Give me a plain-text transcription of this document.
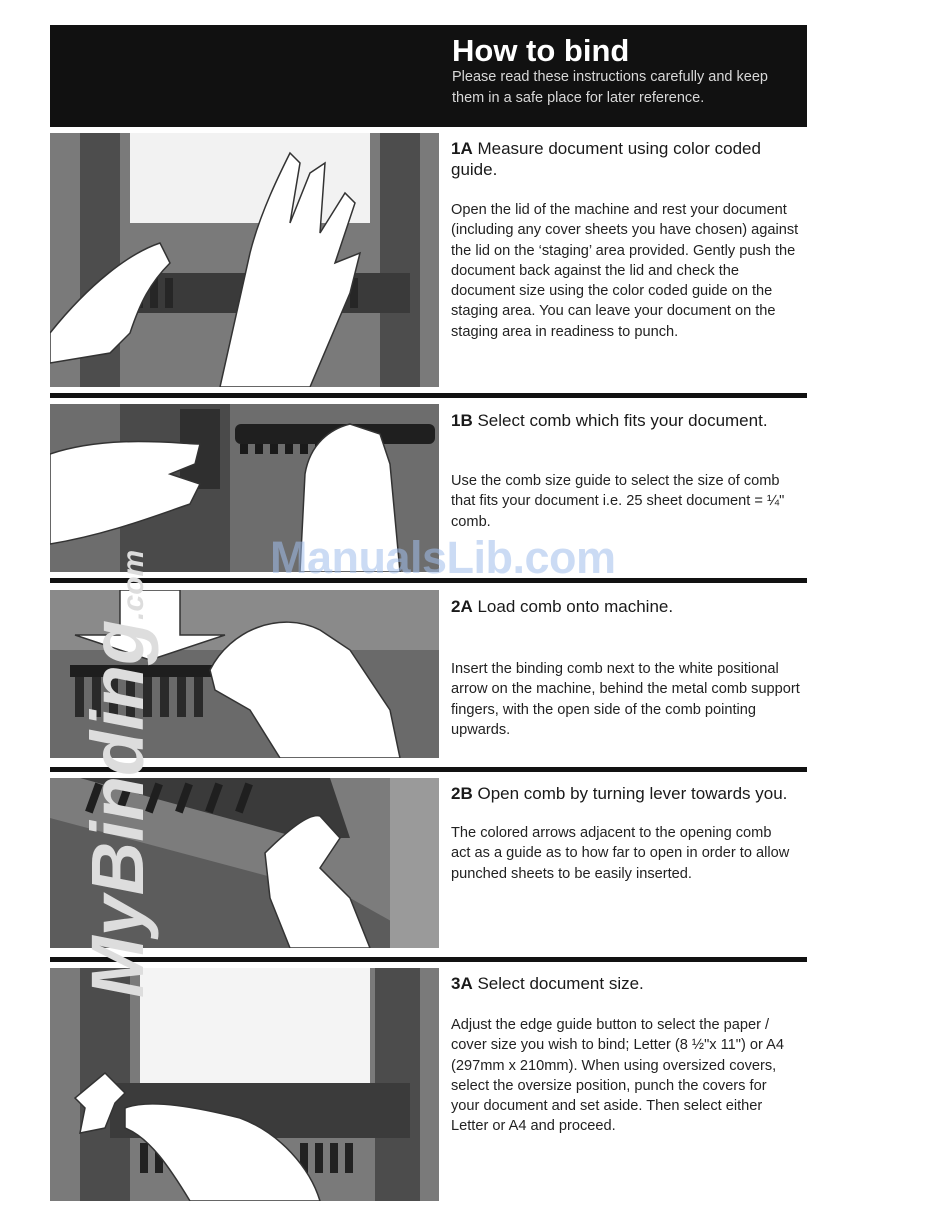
How to bind
Please read these instructions carefully and keep them in a safe place for later reference.

1A Measure document using color coded guide.

Open the lid of the machine and rest your document (including any cover sheets you have chosen) against the lid on the ‘staging’ area provided. Gently push the document back against the lid and check the document size using the color coded guide on the staging area. You can leave your document on the staging area in readiness to punch.

1B Select comb which fits your document.

Use the comb size guide to select the size of comb that fits your document i.e. 25 sheet document = ¼" comb.

2A Load comb onto machine.

Insert the binding comb next to the white positional arrow on the machine, behind the metal comb support fingers, with the open side of the comb pointing upwards.

2B Open comb by turning lever towards you.

The colored arrows adjacent to the opening comb act as a guide as to how far to open in order to allow punched sheets to be easily inserted.

3A Select document size.

Adjust the edge guide button to select the paper / cover size you wish to bind; Letter (8 ½"x 11") or A4 (297mm x 210mm). When using oversized covers, select the oversize position, punch the covers for your document and set aside. Then select either Letter or A4 and proceed.

ManualsLib.com
MyBinding.com
